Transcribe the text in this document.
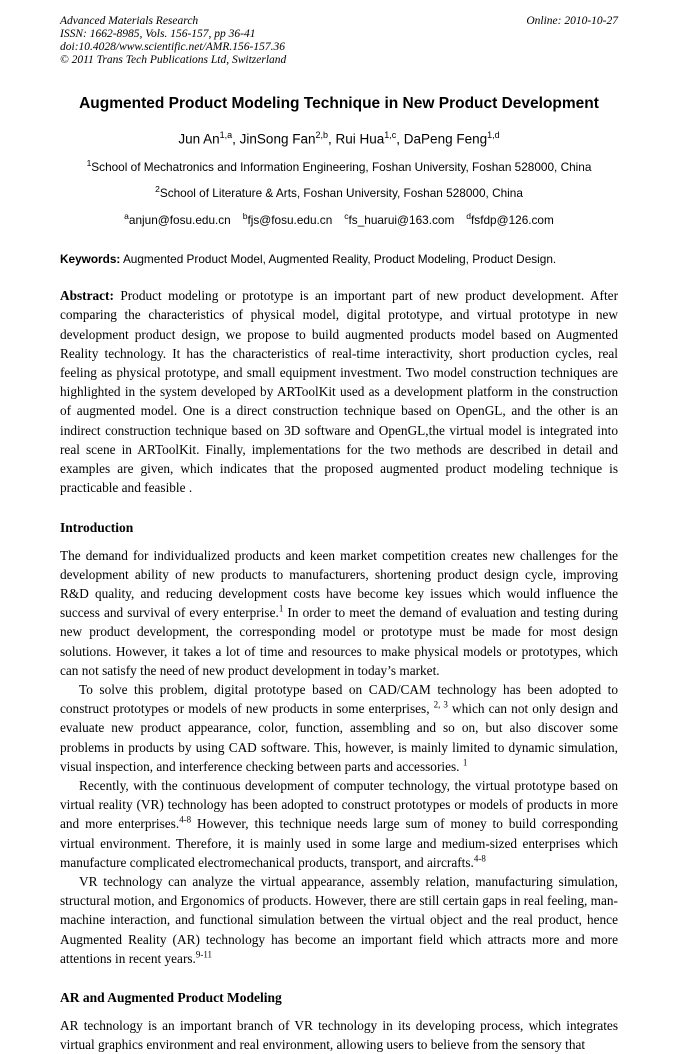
Advanced Materials Research
ISSN: 1662-8985, Vols. 156-157, pp 36-41
doi:10.4028/www.scientific.net/AMR.156-157.36
© 2011 Trans Tech Publications Ltd, Switzerland
Online: 2010-10-27
Augmented Product Modeling Technique in New Product Development
Jun An$^{1,a}$, JinSong Fan$^{2,b}$, Rui Hua$^{1,c}$, DaPeng Feng$^{1,d}$
$^1$School of Mechatronics and Information Engineering, Foshan University, Foshan 528000, China
$^2$School of Literature & Arts, Foshan University, Foshan 528000, China
$^a$anjun@fosu.edu.cn $^b$fjs@fosu.edu.cn $^c$fs_huarui@163.com $^d$fsfdp@126.com

Keywords: Augmented Product Model, Augmented Reality, Product Modeling, Product Design.

Abstract: Product modeling or prototype is an important part of new product development. After comparing the characteristics of physical model, digital prototype, and virtual prototype in new development product design, we propose to build augmented products model based on Augmented Reality technology. It has the characteristics of real-time interactivity, short production cycles, real feeling as physical prototype, and small equipment investment. Two model construction techniques are highlighted in the system developed by ARToolKit used as a development platform in the construction of augmented model. One is a direct construction technique based on OpenGL, and the other is an indirect construction technique based on 3D software and OpenGL,the virtual model is integrated into real scene in ARToolKit. Finally, implementations for the two methods are described in detail and examples are given, which indicates that the proposed augmented product modeling technique is practicable and feasible .

Introduction

The demand for individualized products and keen market competition creates new challenges for the development ability of new products to manufacturers, shortening product design cycle, improving R&D quality, and reducing development costs have become key issues which would influence the success and survival of every enterprise.$^1$ In order to meet the demand of evaluation and testing during new product development, the corresponding model or prototype must be made for most design solutions. However, it takes a lot of time and resources to make physical models or prototypes, which can not satisfy the need of new product development in today’s market.

To solve this problem, digital prototype based on CAD/CAM technology has been adopted to construct prototypes or models of new products in some enterprises, $^{2, 3}$ which can not only design and evaluate new product appearance, color, function, assembling and so on, but also discover some problems in products by using CAD software. This, however, is mainly limited to dynamic simulation, visual inspection, and interference checking between parts and accessories. $^1$

Recently, with the continuous development of computer technology, the virtual prototype based on virtual reality (VR) technology has been adopted to construct prototypes or models of products in more and more enterprises.$^{4-8}$ However, this technique needs large sum of money to build corresponding virtual environment. Therefore, it is mainly used in some large and medium-sized enterprises which manufacture complicated electromechanical products, transport, and aircrafts.$^{4-8}$

VR technology can analyze the virtual appearance, assembly relation, manufacturing simulation, structural motion, and Ergonomics of products. However, there are still certain gaps in real feeling, man-machine interaction, and functional simulation between the virtual object and the real product, hence Augmented Reality (AR) technology has become an important field which attracts more and more attentions in recent years.$^{9-11}$

AR and Augmented Product Modeling

AR technology is an important branch of VR technology in its developing process, which integrates virtual graphics environment and real environment, allowing users to believe from the sensory that
